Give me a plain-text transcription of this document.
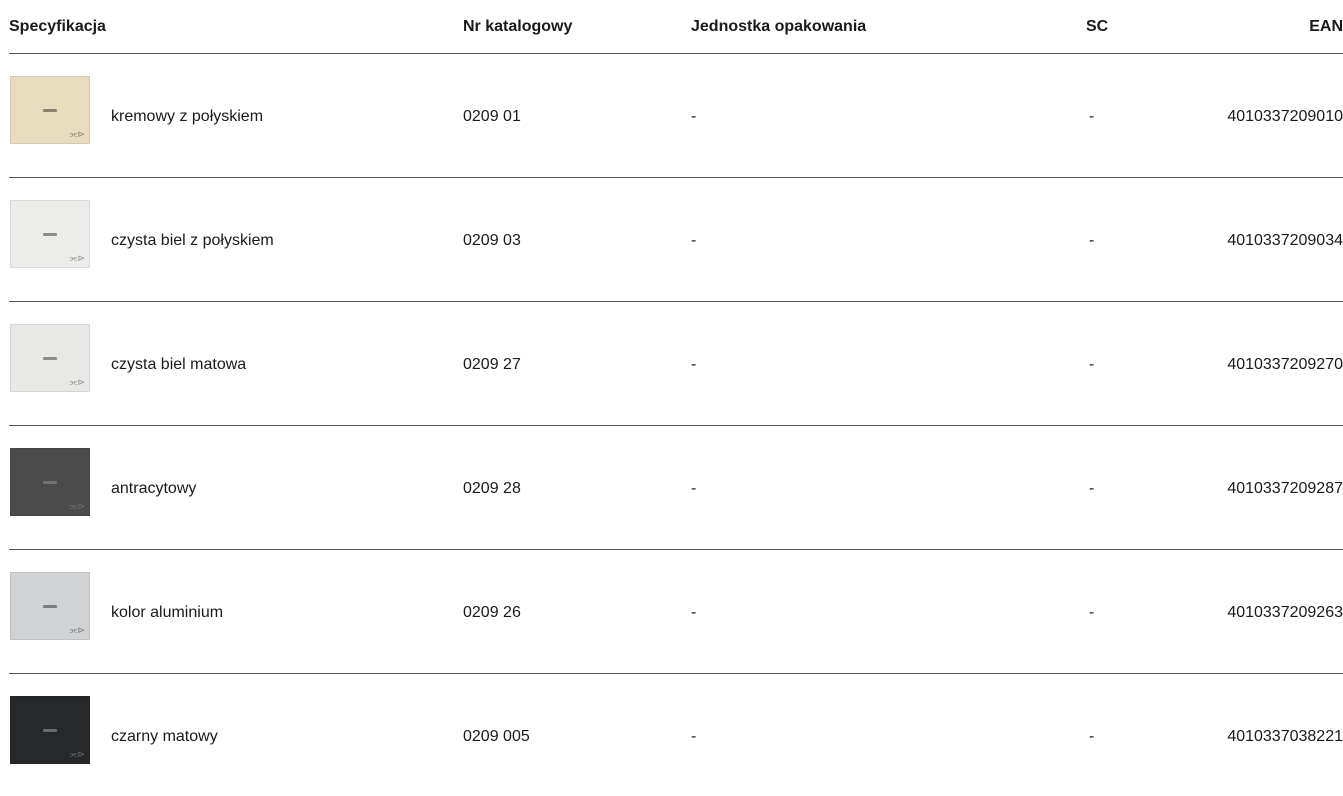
Specyfikacja	Nr katalogowy	Jednostka opakowania	SC	EAN
⫘⊳
kremowy z połyskiem	0209 01	-	-	4010337209010
⫘⊳
czysta biel z połyskiem	0209 03	-	-	4010337209034
⫘⊳
czysta biel matowa	0209 27	-	-	4010337209270
⫘⊳
antracytowy	0209 28	-	-	4010337209287
⫘⊳
kolor aluminium	0209 26	-	-	4010337209263
⫘⊳
czarny matowy	0209 005	-	-	4010337038221
